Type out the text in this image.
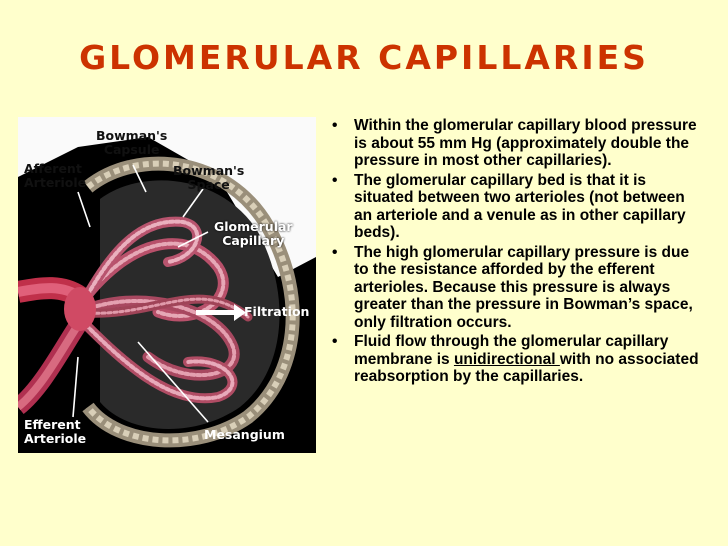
GLOMERULAR CAPILLARIES
Bowman's
Capsule
Afferent
Arteriole
Bowman's
Space
Glomerular
Capillary
Filtration
Efferent
Arteriole	Mesangium
• Within the glomerular capillary blood pressure is about 55 mm Hg (approximately double the pressure in most other capillaries).
• The glomerular capillary bed is that it is situated between two arterioles (not between an arteriole and a venule as in other capillary beds).
• The high glomerular capillary pressure is due to the resistance afforded by the efferent arterioles. Because this pressure is always greater than the pressure in Bowman’s space, only filtration occurs.
• Fluid flow through the glomerular capillary membrane is unidirectional with no associated reabsorption by the capillaries.
